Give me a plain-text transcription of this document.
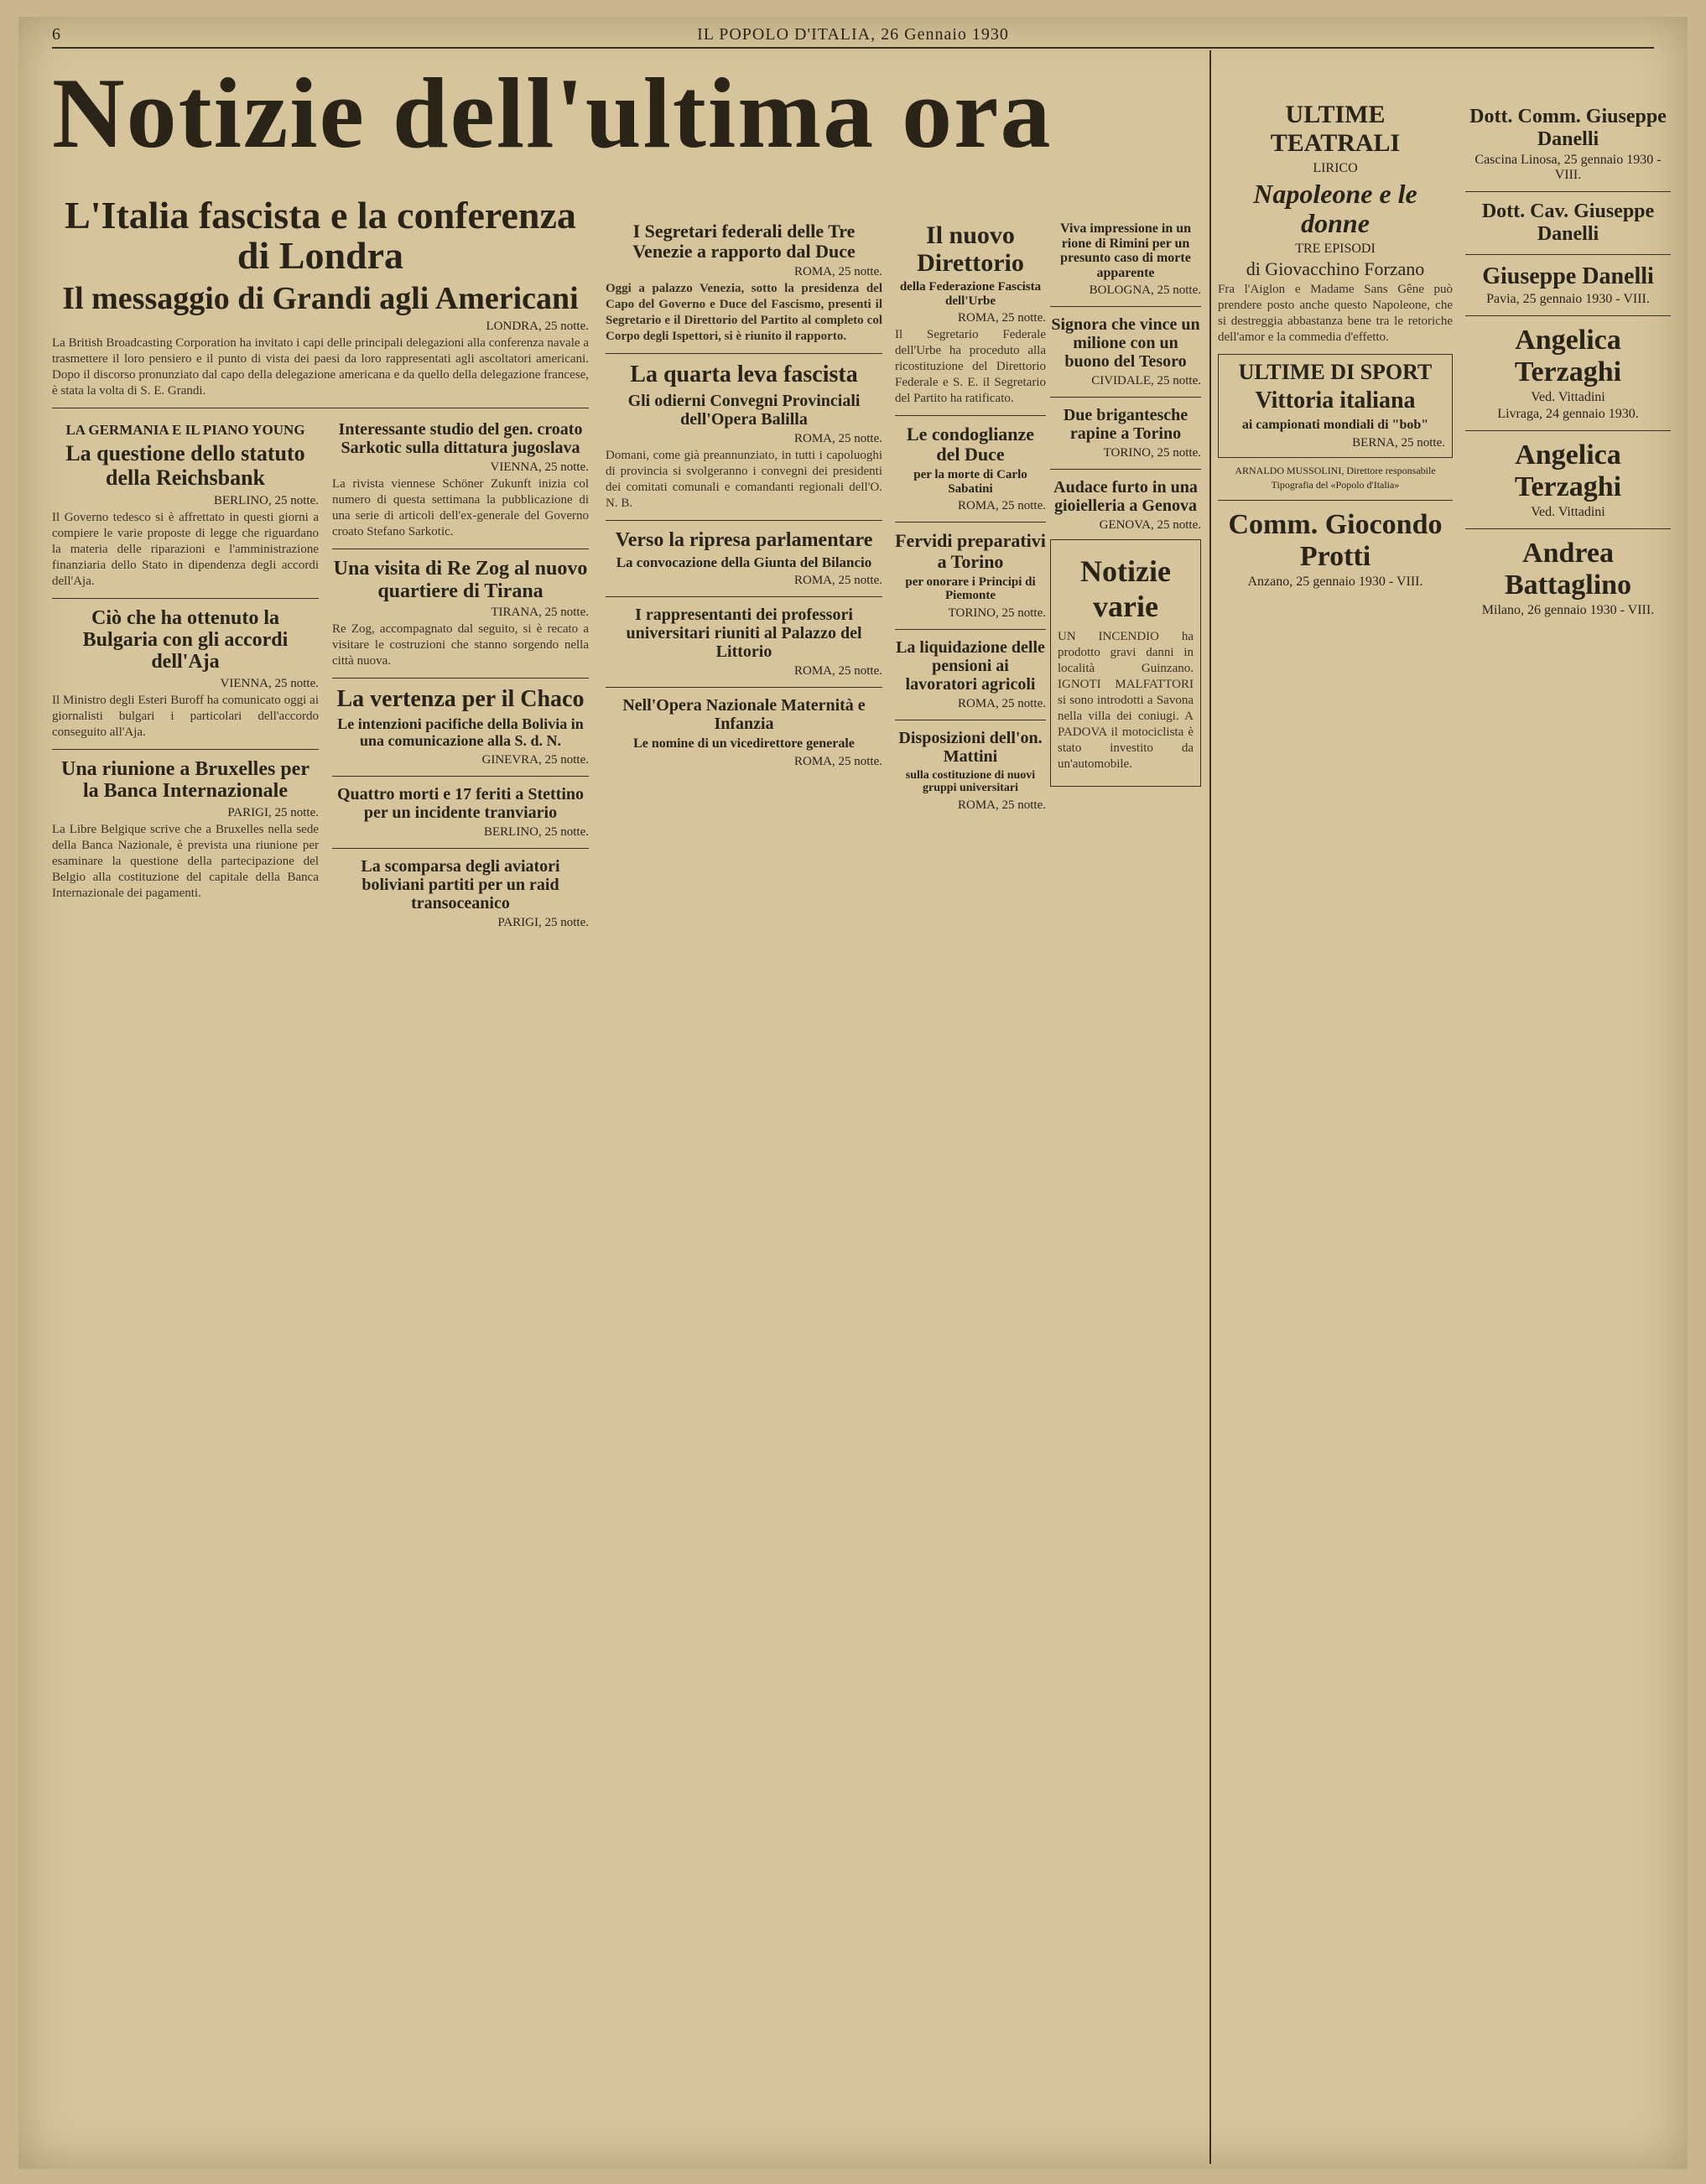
6	IL POPOLO D'ITALIA, 26 Gennaio 1930
Notizie dell'ultima ora
L'Italia fascista e la conferenza di Londra
Il messaggio di Grandi agli Americani
LONDRA, 25 notte.

La British Broadcasting Corporation ha invitato i capi delle principali delegazioni alla conferenza navale a trasmettere il loro pensiero e il punto di vista dei paesi da loro rappresentati agli ascoltatori americani. Dopo il discorso pronunziato dal capo della delegazione americana e da quello della delegazione francese, è stata la volta di S. E. Grandi.

LA GERMANIA E IL PIANO YOUNG
La questione dello statuto della Reichsbank
BERLINO, 25 notte.

Il Governo tedesco si è affrettato in questi giorni a compiere le varie proposte di legge che riguardano la materia delle riparazioni e l'amministrazione finanziaria dello Stato in dipendenza degli accordi dell'Aja.

Ciò che ha ottenuto la Bulgaria con gli accordi dell'Aja
VIENNA, 25 notte.

Il Ministro degli Esteri Buroff ha comunicato oggi ai giornalisti bulgari i particolari dell'accordo conseguito all'Aja.

Una riunione a Bruxelles per la Banca Internazionale
PARIGI, 25 notte.

La Libre Belgique scrive che a Bruxelles nella sede della Banca Nazionale, è prevista una riunione per esaminare la questione della partecipazione del Belgio alla costituzione del capitale della Banca Internazionale dei pagamenti.

Interessante studio del gen. croato Sarkotic sulla dittatura jugoslava
VIENNA, 25 notte.

La rivista viennese Schöner Zukunft inizia col numero di questa settimana la pubblicazione di una serie di articoli dell'ex-generale del Governo croato Stefano Sarkotic.

Una visita di Re Zog al nuovo quartiere di Tirana
TIRANA, 25 notte.

Re Zog, accompagnato dal seguito, si è recato a visitare le costruzioni che stanno sorgendo nella città nuova.

La vertenza per il Chaco
Le intenzioni pacifiche della Bolivia in una comunicazione alla S. d. N.
GINEVRA, 25 notte.
Quattro morti e 17 feriti a Stettino per un incidente tranviario
BERLINO, 25 notte.
La scomparsa degli aviatori boliviani partiti per un raid transoceanico
PARIGI, 25 notte.
I Segretari federali delle Tre Venezie a rapporto dal Duce
ROMA, 25 notte.

Oggi a palazzo Venezia, sotto la presidenza del Capo del Governo e Duce del Fascismo, presenti il Segretario e il Direttorio del Partito al completo col Corpo degli Ispettori, si è riunito il rapporto.

La quarta leva fascista
Gli odierni Convegni Provinciali dell'Opera Balilla
ROMA, 25 notte.

Domani, come già preannunziato, in tutti i capoluoghi di provincia si svolgeranno i convegni dei presidenti dei comitati comunali e comandanti regionali dell'O. N. B.

Verso la ripresa parlamentare
La convocazione della Giunta del Bilancio
ROMA, 25 notte.
I rappresentanti dei professori universitari riuniti al Palazzo del Littorio
ROMA, 25 notte.
Nell'Opera Nazionale Maternità e Infanzia
Le nomine di un vicedirettore generale
ROMA, 25 notte.
Il nuovo Direttorio
della Federazione Fascista dell'Urbe
ROMA, 25 notte.

Il Segretario Federale dell'Urbe ha proceduto alla ricostituzione del Direttorio Federale e S. E. il Segretario del Partito ha ratificato.

Le condoglianze del Duce
per la morte di Carlo Sabatini
ROMA, 25 notte.
Fervidi preparativi a Torino
per onorare i Principi di Piemonte
TORINO, 25 notte.
La liquidazione delle pensioni ai lavoratori agricoli
ROMA, 25 notte.
Disposizioni dell'on. Mattini
sulla costituzione di nuovi gruppi universitari
ROMA, 25 notte.
Viva impressione in un rione di Rimini per un presunto caso di morte apparente
BOLOGNA, 25 notte.
Signora che vince un milione con un buono del Tesoro
CIVIDALE, 25 notte.
Due brigantesche rapine a Torino
TORINO, 25 notte.
Audace furto in una gioielleria a Genova
GENOVA, 25 notte.
Notizie varie

UN INCENDIO ha prodotto gravi danni in località Guinzano. IGNOTI MALFATTORI si sono introdotti a Savona nella villa dei coniugi. A PADOVA il motociclista è stato investito da un'automobile.

ULTIME TEATRALI
LIRICO
Napoleone e le donne
TRE EPISODI
di Giovacchino Forzano

Fra l'Aiglon e Madame Sans Gêne può prendere posto anche questo Napoleone, che si destreggia abbastanza bene tra le retoriche dell'amor e la commedia d'effetto.

ULTIME DI SPORT
Vittoria italiana
ai campionati mondiali di "bob"
BERNA, 25 notte.
ARNALDO MUSSOLINI, Direttore responsabile
Tipografia del «Popolo d'Italia»
Comm. Giocondo Protti
Anzano, 25 gennaio 1930 - VIII.
Dott. Comm. Giuseppe Danelli
Cascina Linosa, 25 gennaio 1930 - VIII.
Dott. Cav. Giuseppe Danelli
Giuseppe Danelli
Pavia, 25 gennaio 1930 - VIII.
Angelica Terzaghi
Ved. Vittadini
Livraga, 24 gennaio 1930.
Angelica Terzaghi
Ved. Vittadini
Andrea Battaglino
Milano, 26 gennaio 1930 - VIII.
